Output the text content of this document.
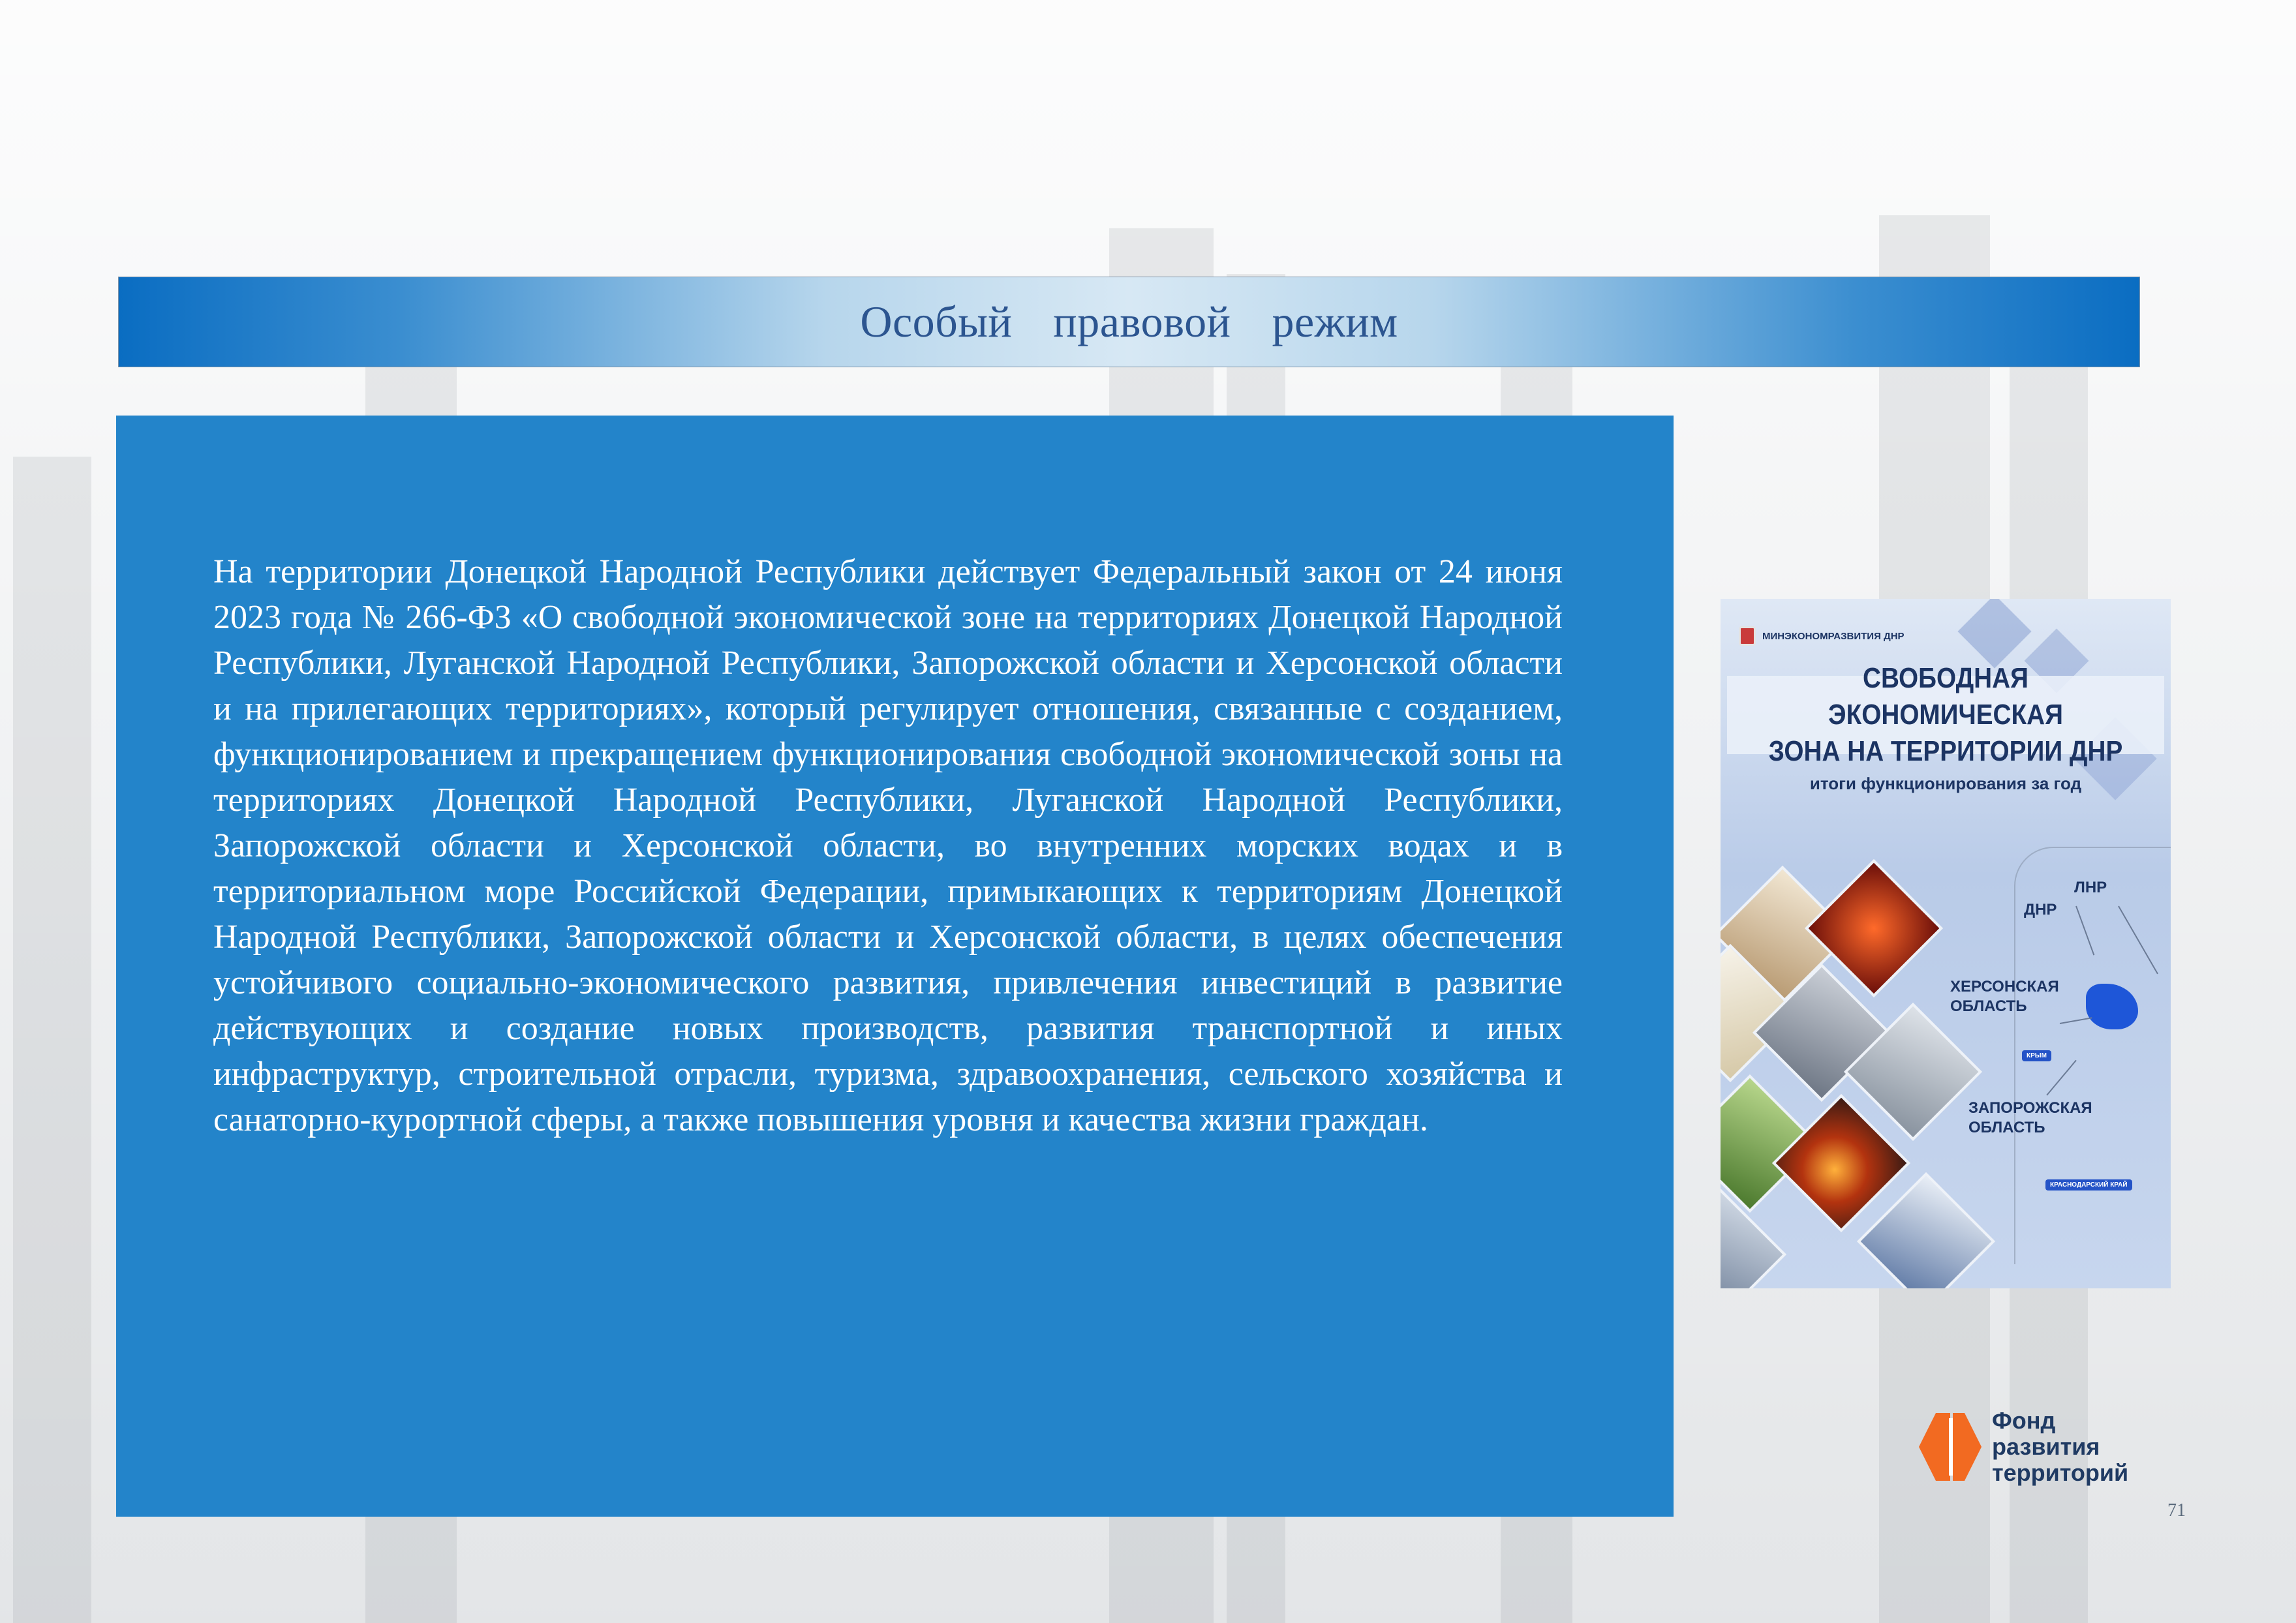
Особый  правовой  режим

На территории Донецкой Народной Республики действует Федеральный закон от 24 июня 2023 года № 266-ФЗ «О свободной экономической зоне на территориях Донецкой Народной Республики, Луганской Народной Республики, Запорожской области и Херсонской области и на прилегающих территориях», который регулирует отношения, связанные с созданием, функционированием и прекращением функционирования свободной экономической зоны на территориях Донецкой Народной Республики, Луганской Народной Республики, Запорожской области и Херсонской области, во внутренних морских водах и в территориальном море Российской Федерации, примыкающих к территориям Донецкой Народной Республики, Запорожской области и Херсонской области, в целях обеспечения устойчивого социально-экономического развития, привлечения инвестиций в развитие действующих и создание новых производств, развития транспортной и иных инфраструктур, строительной отрасли, туризма, здравоохранения, сельского хозяйства и санаторно-курортной сферы, а также повышения уровня и качества жизни граждан.

МИНЭКОНОМРАЗВИТИЯ ДНР
СВОБОДНАЯ ЭКОНОМИЧЕСКАЯ
ЗОНА НА ТЕРРИТОРИИ ДНР
итоги функционирования за год
ЛНР
ДНР
ХЕРСОНСКАЯ
ОБЛАСТЬ
КРЫМ
ЗАПОРОЖСКАЯ
ОБЛАСТЬ
КРАСНОДАРСКИЙ КРАЙ
Фонд
развития
территорий
71
